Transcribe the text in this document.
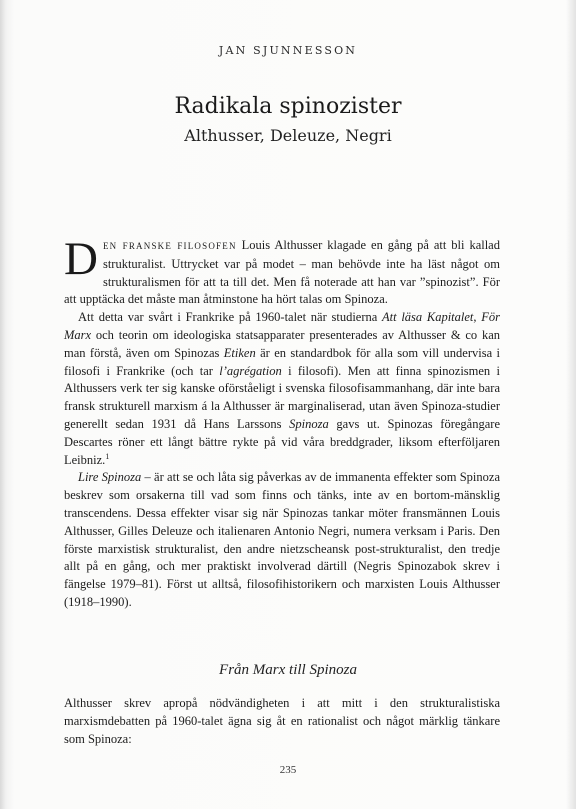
JAN SJUNNESSON
Radikala spinozister
Althusser, Deleuze, Negri

DEN FRANSKE FILOSOFEN Louis Althusser klagade en gång på att bli kallad strukturalist. Uttrycket var på modet – man behövde inte ha läst något om strukturalismen för att ta till det. Men få noterade att han var ”spinozist”. För att upptäcka det måste man åtminstone ha hört talas om Spinoza.

Att detta var svårt i Frankrike på 1960-talet när studierna Att läsa Kapitalet, För Marx och teorin om ideologiska statsapparater presenterades av Althusser & co kan man förstå, även om Spinozas Etiken är en standardbok för alla som vill undervisa i filosofi i Frankrike (och tar l’agrégation i filosofi). Men att finna spinozismen i Althussers verk ter sig kanske oförståeligt i svenska filosofisammanhang, där inte bara fransk strukturell marxism á la Althusser är marginaliserad, utan även Spinoza-studier generellt sedan 1931 då Hans Larssons Spinoza gavs ut. Spinozas föregångare Descartes röner ett långt bättre rykte på vid våra breddgrader, liksom efterföljaren Leibniz.$^1$

Lire Spinoza – är att se och låta sig påverkas av de immanenta effekter som Spinoza beskrev som orsakerna till vad som finns och tänks, inte av en bortom-mänsklig transcendens. Dessa effekter visar sig när Spinozas tankar möter fransmännen Louis Althusser, Gilles Deleuze och italienaren Antonio Negri, numera verksam i Paris. Den förste marxistisk strukturalist, den andre nietzscheansk post-strukturalist, den tredje allt på en gång, och mer praktiskt involverad därtill (Negris Spinozabok skrev i fängelse 1979–81). Först ut alltså, filosofihistorikern och marxisten Louis Althusser (1918–1990).

Från Marx till Spinoza

Althusser skrev apropå nödvändigheten i att mitt i den strukturalistiska marxismdebatten på 1960-talet ägna sig åt en rationalist och något märklig tänkare som Spinoza:

235
